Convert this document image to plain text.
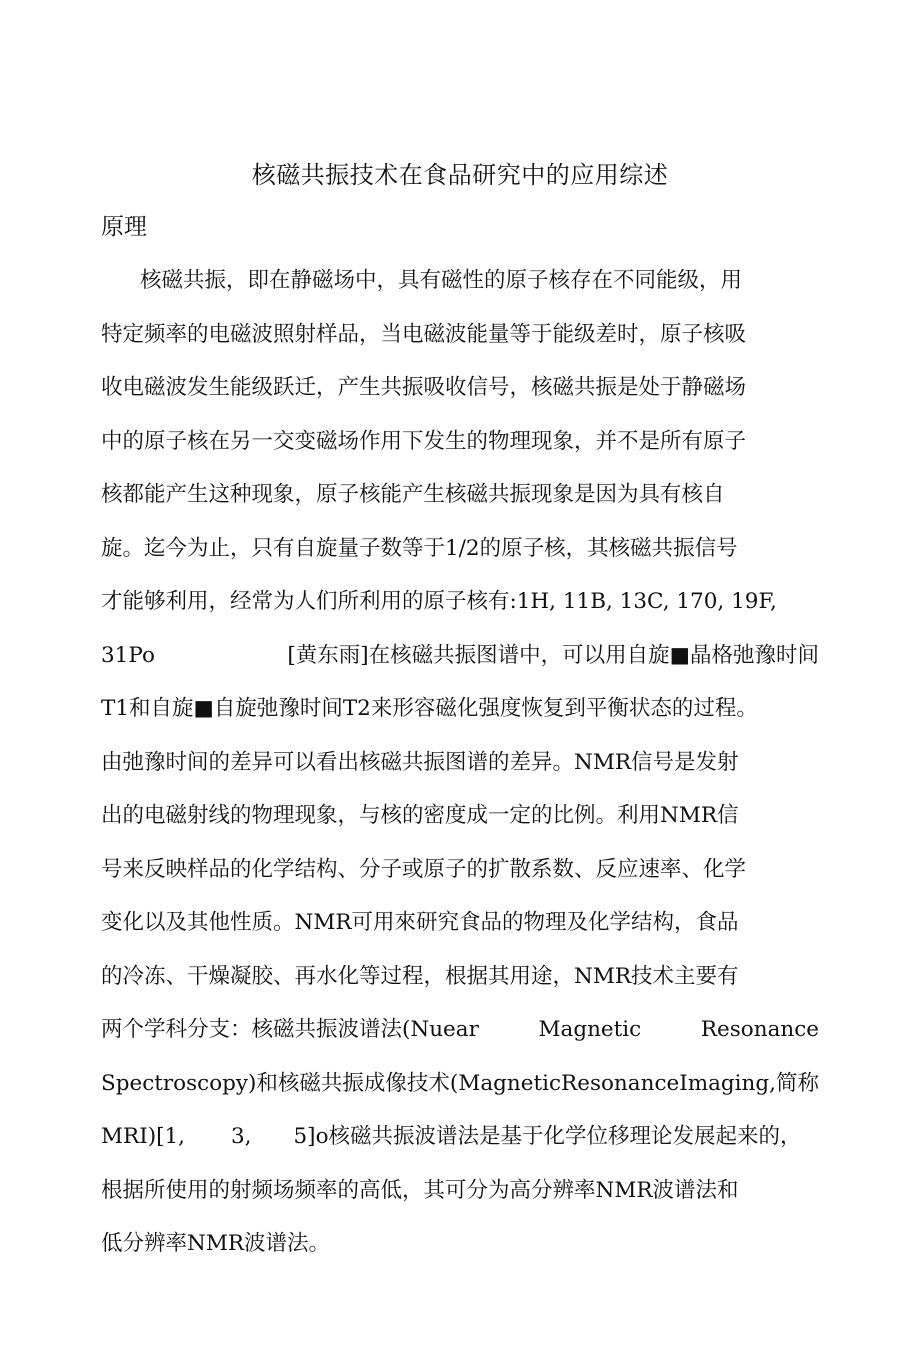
核磁共振技术在食品研究中的应用综述
原理
核磁共振，即在静磁场中，具有磁性的原子核存在不同能级，用
特定频率的电磁波照射样品，当电磁波能量等于能级差时，原子核吸
收电磁波发生能级跃迁，产生共振吸收信号，核磁共振是处于静磁场
中的原子核在另一交变磁场作用下发生的物理现象，并不是所有原子
核都能产生这种现象，原子核能产生核磁共振现象是因为具有核自
旋。迄今为止，只有自旋量子数等于1/2的原子核，其核磁共振信号
才能够利用，经常为人们所利用的原子核有:1H, 11B, 13C, 170, 19F,
31Po	[黄东雨]在核磁共振图谱中，可以用自旋■晶格弛豫时间
T1和自旋■自旋弛豫时间T2来形容磁化强度恢复到平衡状态的过程。
由弛豫时间的差异可以看出核磁共振图谱的差异。NMR信号是发射
出的电磁射线的物理现象，与核的密度成一定的比例。利用NMR信
号来反映样品的化学结构、分子或原子的扩散系数、反应速率、化学
变化以及其他性质。NMR可用來研究食品的物理及化学结构，食品
的冷冻、干燥凝胶、再水化等过程，根据其用途，NMR技术主要有
两个学科分支：核磁共振波谱法(Nuear	Magnetic	Resonance
Spectroscopy)和核磁共振成像技术(Magnetic Resonance Imaging,简称
MRI)[1, 3, 5]o核磁共振波谱法是基于化学位移理论发展起来的，
根据所使用的射频场频率的高低，其可分为高分辨率NMR波谱法和
低分辨率NMR波谱法。
